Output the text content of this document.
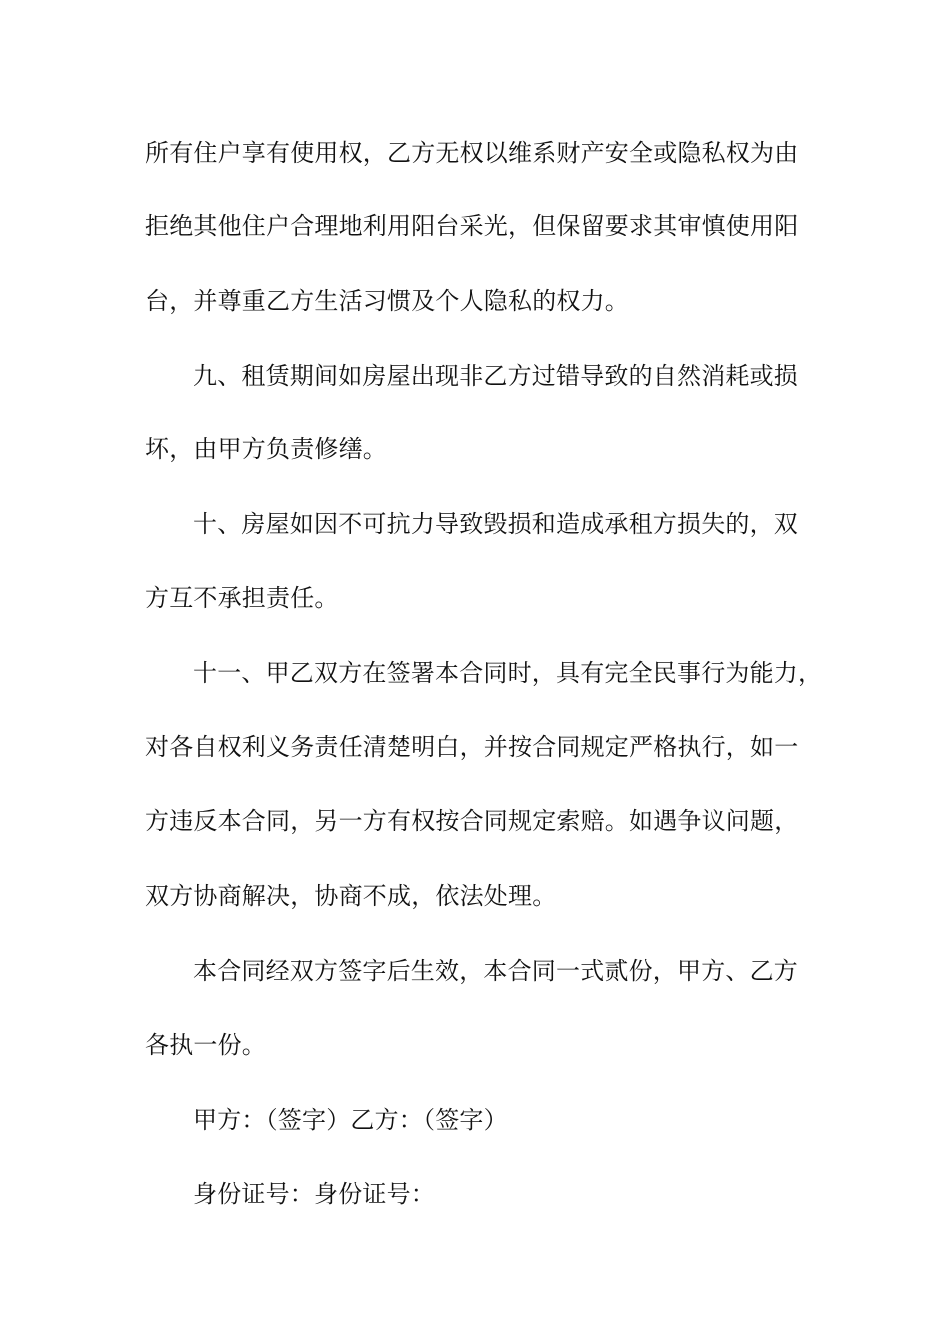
所有住户享有使用权，乙方无权以维系财产安全或隐私权为由
拒绝其他住户合理地利用阳台采光，但保留要求其审慎使用阳
台，并尊重乙方生活习惯及个人隐私的权力。
九、租赁期间如房屋出现非乙方过错导致的自然消耗或损
坏，由甲方负责修缮。
十、房屋如因不可抗力导致毁损和造成承租方损失的，双
方互不承担责任。
十一、甲乙双方在签署本合同时，具有完全民事行为能力，
对各自权利义务责任清楚明白，并按合同规定严格执行，如一
方违反本合同，另一方有权按合同规定索赔。如遇争议问题，
双方协商解决，协商不成，依法处理。
本合同经双方签字后生效，本合同一式贰份，甲方、乙方
各执一份。
甲方：（签字）乙方：（签字）
身份证号：身份证号：
